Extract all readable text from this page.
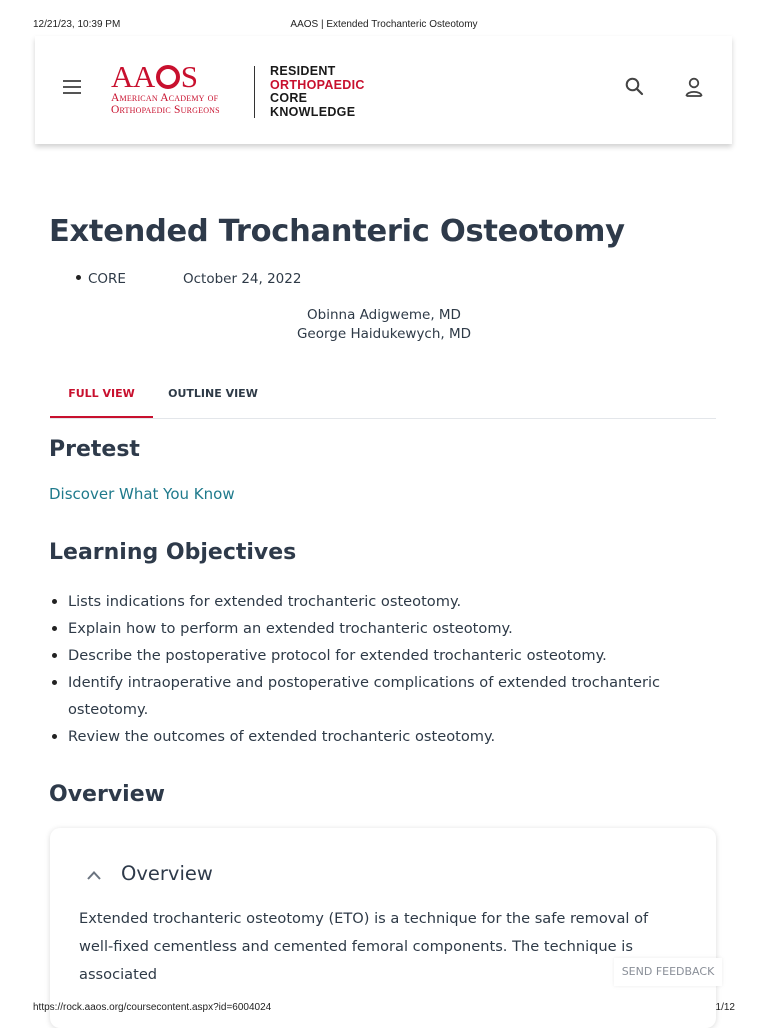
12/21/23, 10:39 PM	AAOS | Extended Trochanteric Osteotomy
AA S
American Academy of
Orthopaedic Surgeons
RESIDENT
ORTHOPAEDIC
CORE
KNOWLEDGE
Extended Trochanteric Osteotomy
CORE	October 24, 2022
Obinna Adigweme, MD
George Haidukewych, MD
FULL VIEW	OUTLINE VIEW
Pretest
Discover What You Know
Learning Objectives
Lists indications for extended trochanteric osteotomy.
Explain how to perform an extended trochanteric osteotomy.
Describe the postoperative protocol for extended trochanteric osteotomy.
Identify intraoperative and postoperative complications of extended trochanteric osteotomy.
Review the outcomes of extended trochanteric osteotomy.
Overview
Overview
Extended trochanteric osteotomy (ETO) is a technique for the safe removal of well-fixed cementless and cemented femoral components. The technique is associated	SEND FEEDBACK
https://rock.aaos.org/coursecontent.aspx?id=6004024	1/12
